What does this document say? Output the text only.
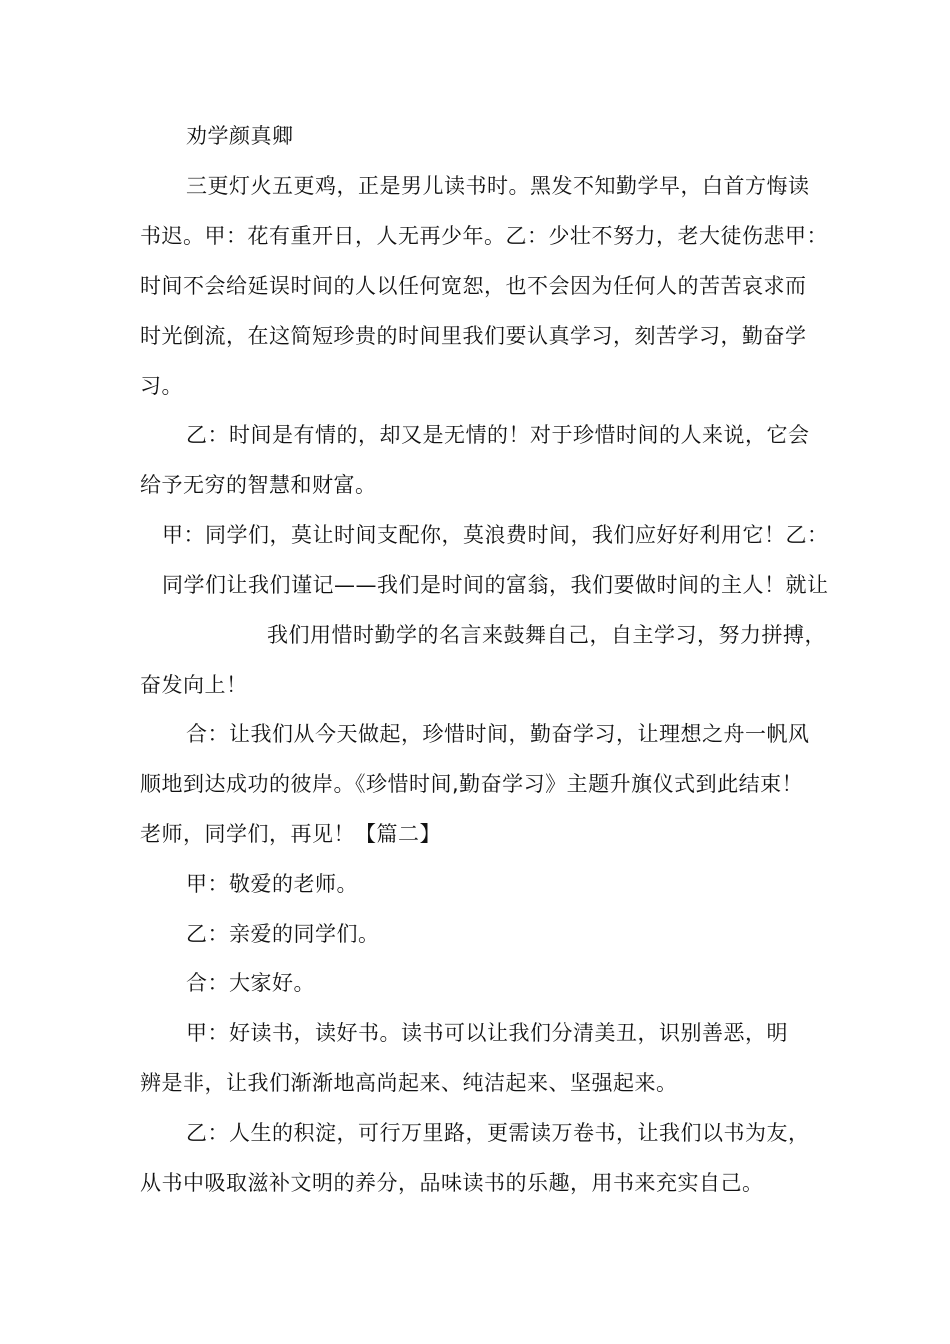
劝学颜真卿
三更灯火五更鸡，正是男儿读书时。黑发不知勤学早，白首方悔读
书迟。甲：花有重开日，人无再少年。乙：少壮不努力，老大徒伤悲甲：
时间不会给延误时间的人以任何宽恕，也不会因为任何人的苦苦哀求而
时光倒流，在这简短珍贵的时间里我们要认真学习，刻苦学习，勤奋学
习。
乙：时间是有情的，却又是无情的！对于珍惜时间的人来说，它会
给予无穷的智慧和财富。
甲：同学们，莫让时间支配你，莫浪费时间，我们应好好利用它！乙：
同学们让我们谨记——我们是时间的富翁，我们要做时间的主人！就让
我们用惜时勤学的名言来鼓舞自己，自主学习，努力拼搏，
奋发向上！
合：让我们从今天做起，珍惜时间，勤奋学习，让理想之舟一帆风
顺地到达成功的彼岸。《珍惜时间,勤奋学习》主题升旗仪式到此结束！
老师，同学们，再见！【篇二】
甲：敬爱的老师。
乙：亲爱的同学们。
合：大家好。
甲：好读书，读好书。读书可以让我们分清美丑，识别善恶，明
辨是非，让我们渐渐地高尚起来、纯洁起来、坚强起来。
乙：人生的积淀，可行万里路，更需读万卷书，让我们以书为友，
从书中吸取滋补文明的养分，品味读书的乐趣，用书来充实自己。
